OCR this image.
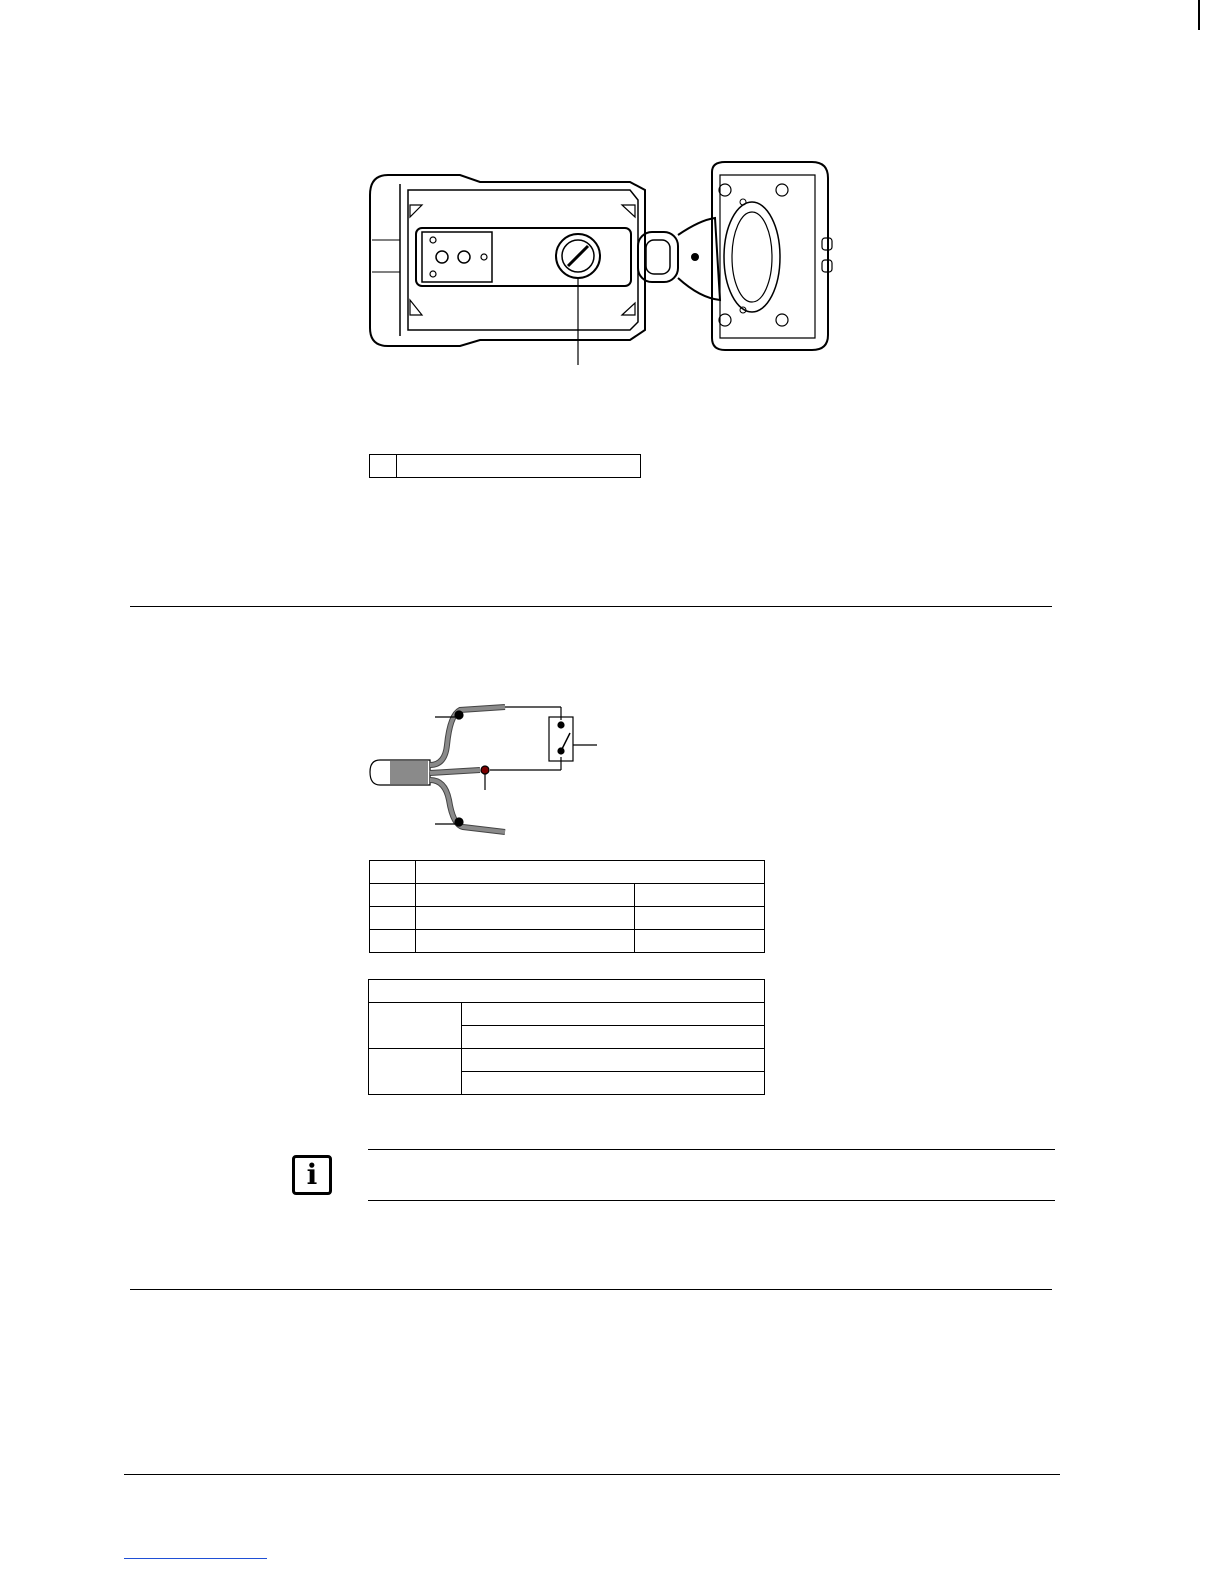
i
